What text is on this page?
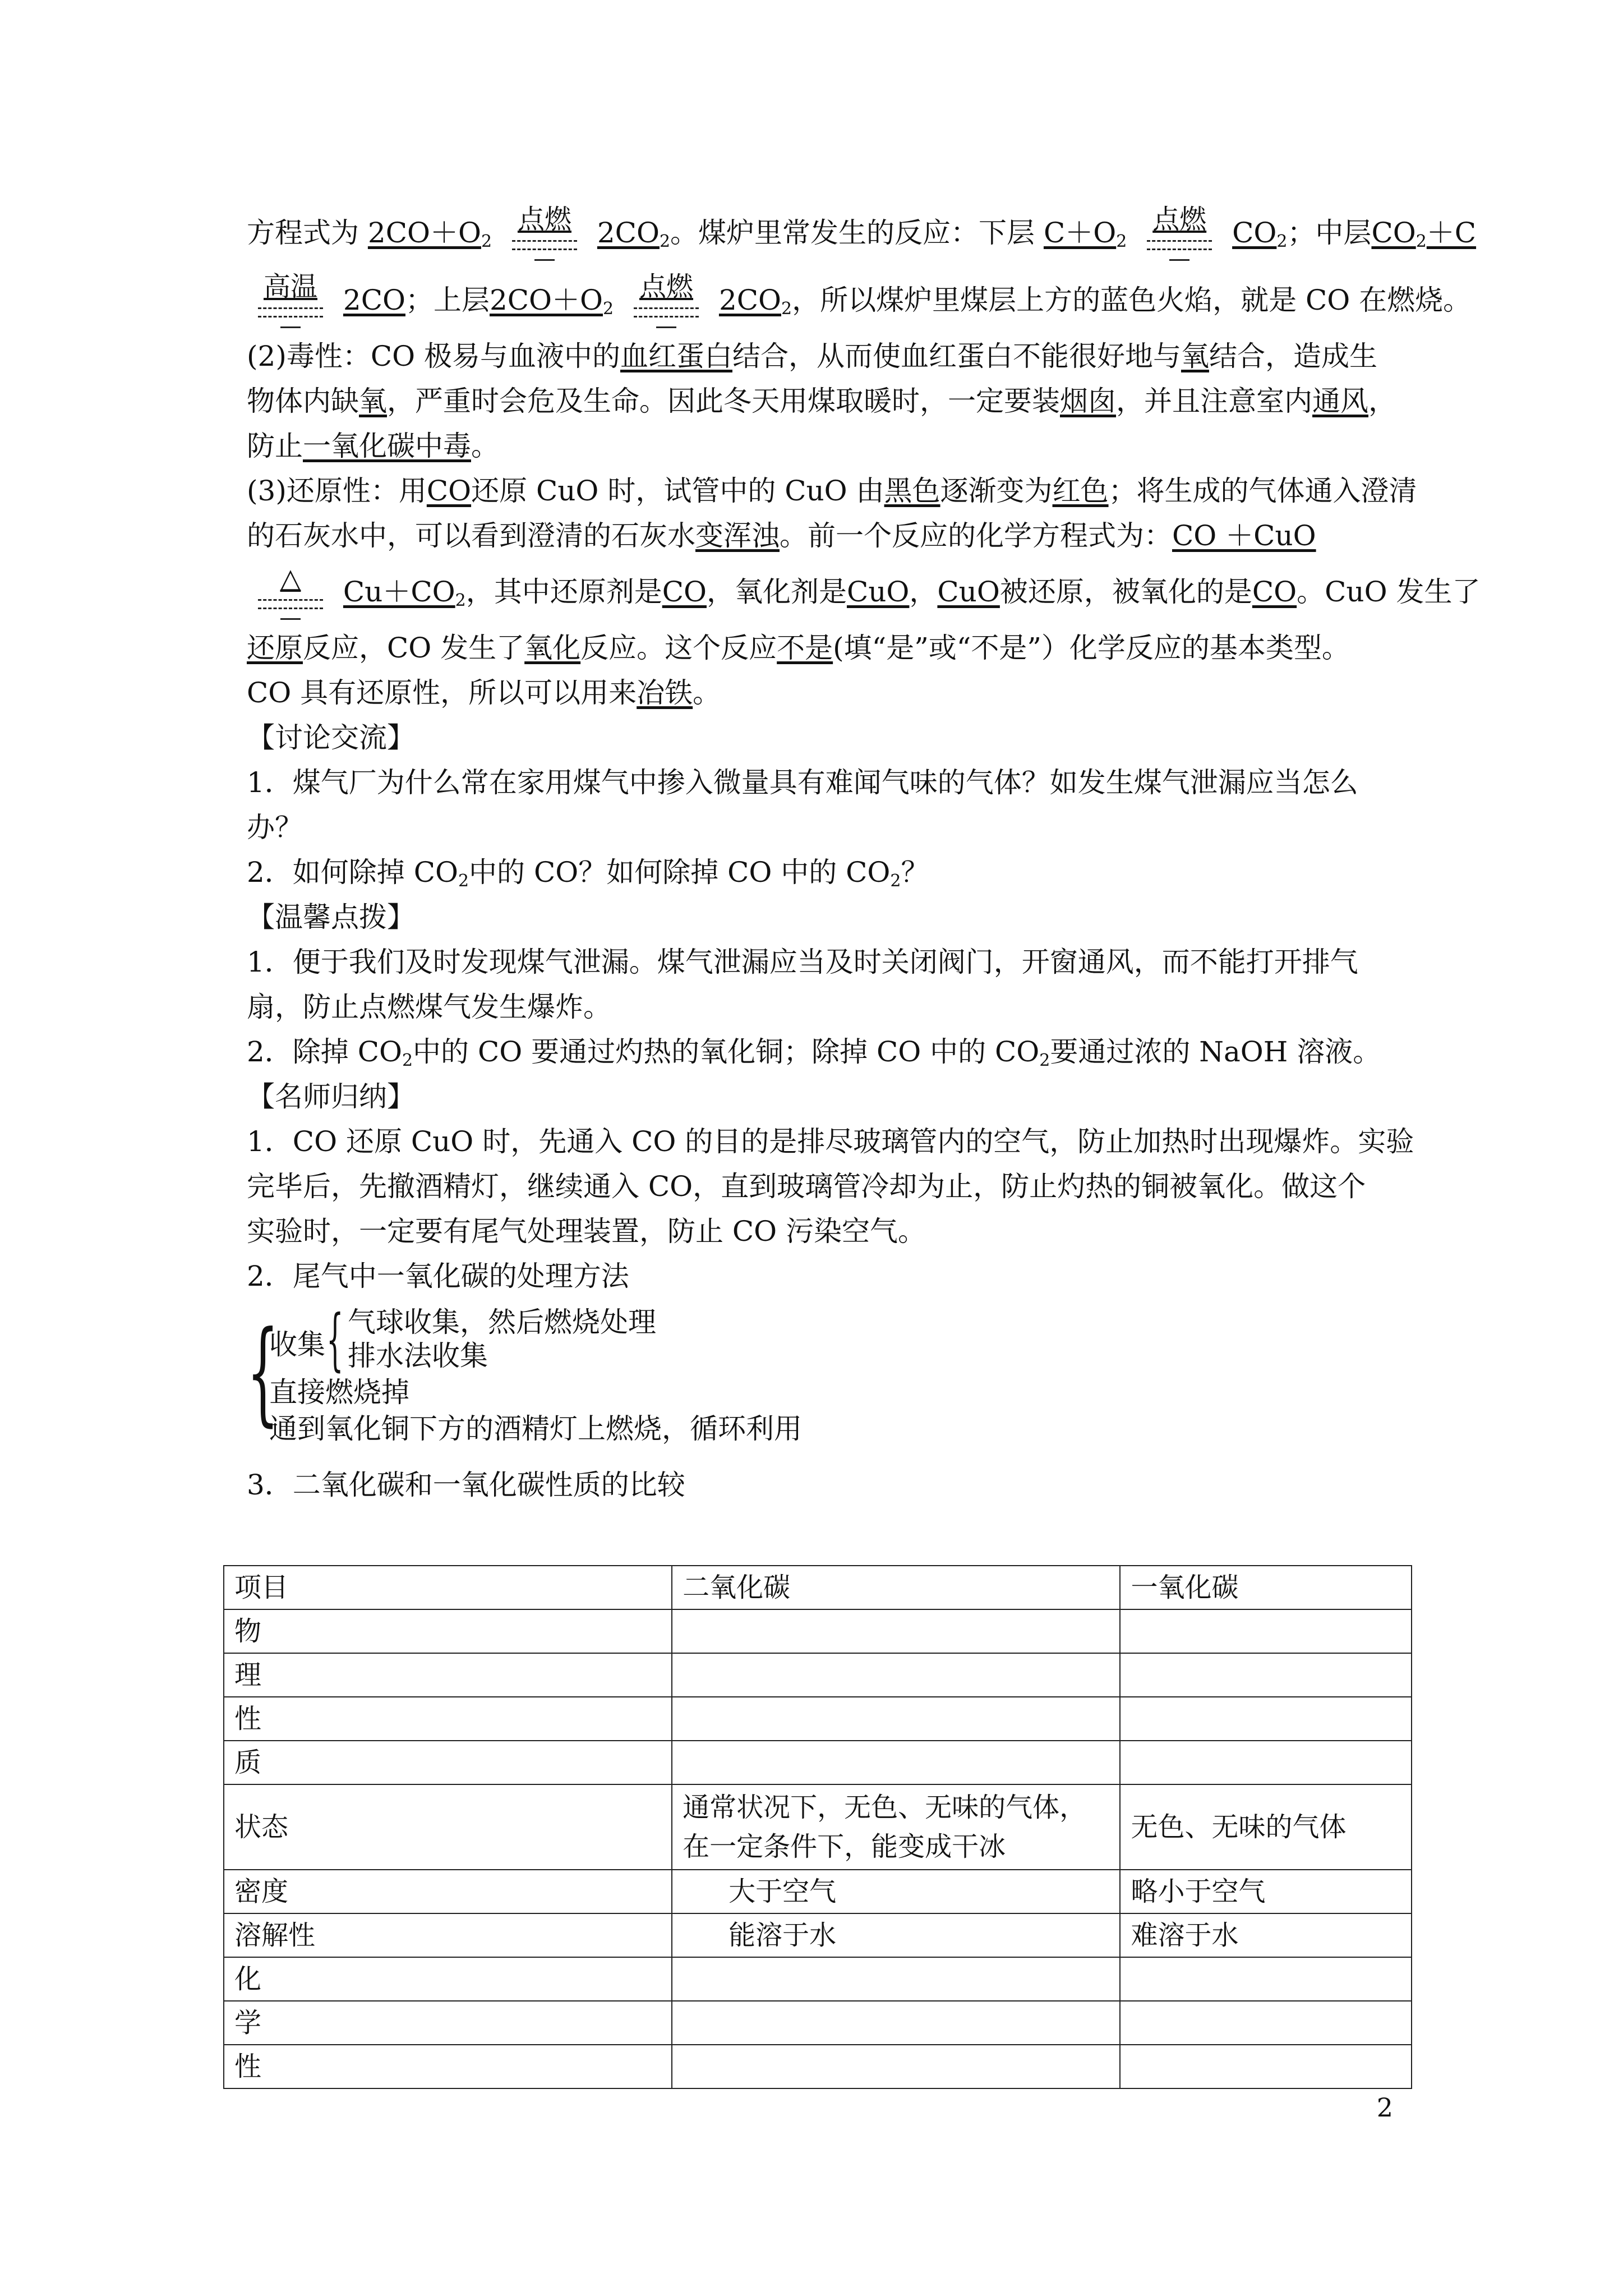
方程式为 $2CO+O_2$
点燃 $2CO_2$。煤炉里常发生的反应：下层 $C+O_2$
点燃 $CO_2$；中层$CO_2+C$
高温 2CO；上层$2CO+O_2$
点燃 $2CO_2$，所以煤炉里煤层上方的蓝色火焰，就是 CO 在燃烧。
(2)毒性：CO 极易与血液中的血红蛋白结合，从而使血红蛋白不能很好地与氧结合，造成生
物体内缺氧，严重时会危及生命。因此冬天用煤取暖时，一定要装烟囱，并且注意室内通风，
防止一氧化碳中毒。
(3)还原性：用CO还原 CuO 时，试管中的 CuO 由黑色逐渐变为红色；将生成的气体通入澄清
的石灰水中，可以看到澄清的石灰水变浑浊。前一个反应的化学方程式为：CO ＋CuO
△	$Cu+CO_2$，其中还原剂是CO，氧化剂是CuO，CuO被还原，被氧化的是CO。CuO 发生了
还原反应，CO 发生了氧化反应。这个反应不是(填“是”或“不是”）化学反应的基本类型。
CO 具有还原性，所以可以用来冶铁。
【讨论交流】
1．煤气厂为什么常在家用煤气中掺入微量具有难闻气味的气体？如发生煤气泄漏应当怎么
办？
2．如何除掉 $CO_2$中的 CO？如何除掉 CO 中的 $CO_2$？
【温馨点拨】
1．便于我们及时发现煤气泄漏。煤气泄漏应当及时关闭阀门，开窗通风，而不能打开排气
扇，防止点燃煤气发生爆炸。
2．除掉 $CO_2$中的 CO 要通过灼热的氧化铜；除掉 CO 中的 $CO_2$要通过浓的 NaOH 溶液。
【名师归纳】
1．CO 还原 CuO 时，先通入 CO 的目的是排尽玻璃管内的空气，防止加热时出现爆炸。实验
完毕后，先撤酒精灯，继续通入 CO，直到玻璃管冷却为止，防止灼热的铜被氧化。做这个
实验时，一定要有尾气处理装置，防止 CO 污染空气。
2．尾气中一氧化碳的处理方法
{
收集 { 气球收集，然后燃烧处理
排水法收集
直接燃烧掉
通到氧化铜下方的酒精灯上燃烧，循环利用
3．二氧化碳和一氧化碳性质的比较
项目	二氧化碳	一氧化碳
物		
理		
性		
质		
状态	通常状况下，无色、无味的气体，在一定条件下，能变成干冰	无色、无味的气体
密度	大于空气	略小于空气
溶解性	能溶于水	难溶于水
化		
学		
性		
2
